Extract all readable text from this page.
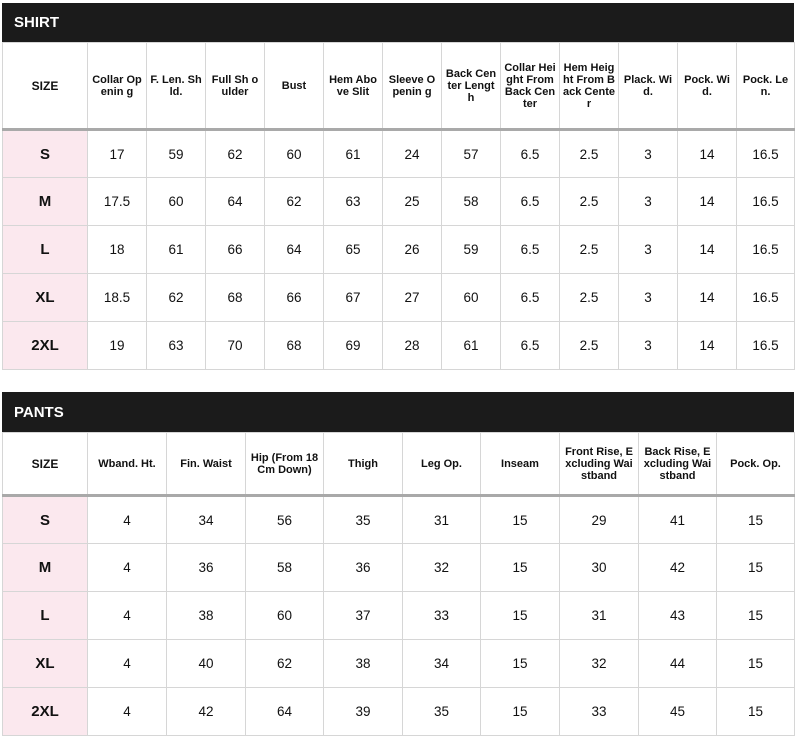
SHIRT
SIZE	Collar Openin g	F. Len. Shld.	Full Sh oulder	Bust	Hem Above Slit	Sleeve Openin g	Back Center Length	Collar Height From Back Center	Hem Height From Back Center	Plack. Wid.	Pock. Wid.	Pock. Len.
S	17	59	62	60	61	24	57	6.5	2.5	3	14	16.5
M	17.5	60	64	62	63	25	58	6.5	2.5	3	14	16.5
L	18	61	66	64	65	26	59	6.5	2.5	3	14	16.5
XL	18.5	62	68	66	67	27	60	6.5	2.5	3	14	16.5
2XL	19	63	70	68	69	28	61	6.5	2.5	3	14	16.5
PANTS
SIZE	Wband. Ht.	Fin. Waist	Hip (From 18 Cm Down)	Thigh	Leg Op.	Inseam	Front Rise, Excluding Waistband	Back Rise, Excluding Waistband	Pock. Op.
S	4	34	56	35	31	15	29	41	15
M	4	36	58	36	32	15	30	42	15
L	4	38	60	37	33	15	31	43	15
XL	4	40	62	38	34	15	32	44	15
2XL	4	42	64	39	35	15	33	45	15
